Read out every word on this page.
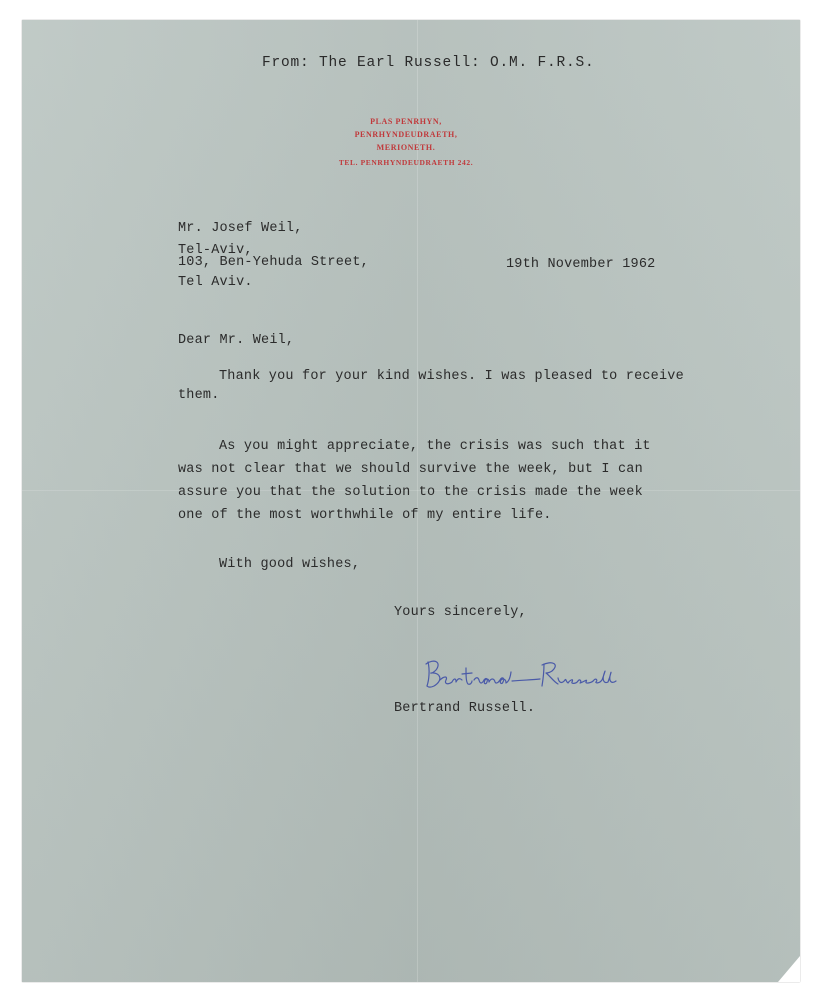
From: The Earl Russell: O.M. F.R.S.
PLAS PENRHYN,
PENRHYNDEUDRAETH,
MERIONETH.
TEL. PENRHYNDEUDRAETH 242.
Mr. Josef Weil,
Tel-Aviv,
103, Ben-Yehuda Street,
Tel Aviv.
19th November 1962
Dear Mr. Weil,
Thank you for your kind wishes. I was pleased to receive
them.
As you might appreciate, the crisis was such that it
was not clear that we should survive the week, but I can
assure you that the solution to the crisis made the week
one of the most worthwhile of my entire life.
With good wishes,
Yours sincerely,
Bertrand Russell.
